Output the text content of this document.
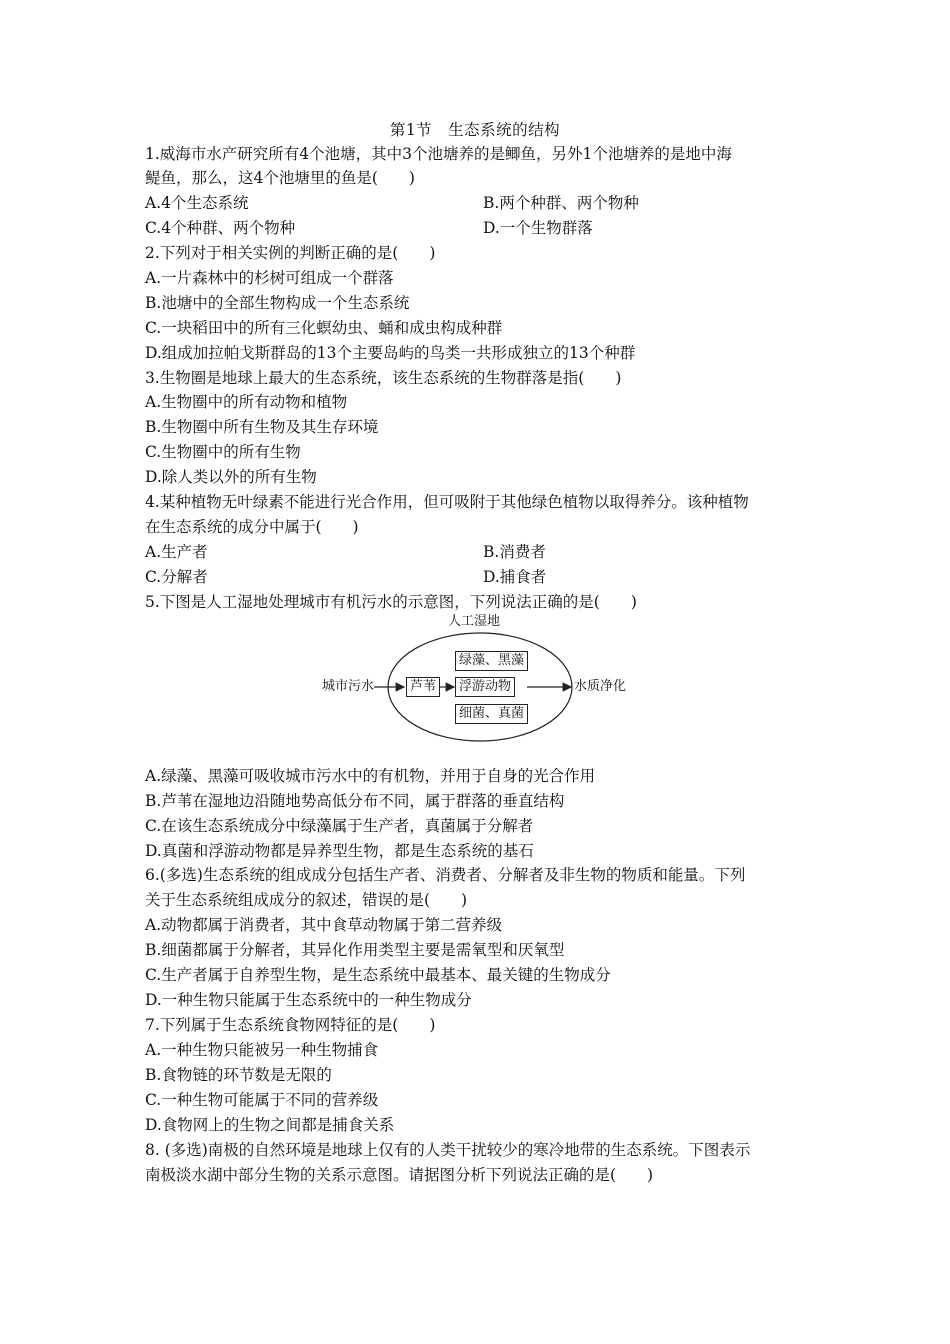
第1节　生态系统的结构
1.威海市水产研究所有4个池塘，其中3个池塘养的是鲫鱼，另外1个池塘养的是地中海
鳀鱼，那么，这4个池塘里的鱼是(　　)
A.4个生态系统	B.两个种群、两个物种
C.4个种群、两个物种	D.一个生物群落
2.下列对于相关实例的判断正确的是(　　)
A.一片森林中的杉树可组成一个群落
B.池塘中的全部生物构成一个生态系统
C.一块稻田中的所有三化螟幼虫、蛹和成虫构成种群
D.组成加拉帕戈斯群岛的13个主要岛屿的鸟类一共形成独立的13个种群
3.生物圈是地球上最大的生态系统，该生态系统的生物群落是指(　　)
A.生物圈中的所有动物和植物
B.生物圈中所有生物及其生存环境
C.生物圈中的所有生物
D.除人类以外的所有生物
4.某种植物无叶绿素不能进行光合作用，但可吸附于其他绿色植物以取得养分。该种植物
在生态系统的成分中属于(　　)
A.生产者	B.消费者
C.分解者	D.捕食者
5.下图是人工湿地处理城市有机污水的示意图，下列说法正确的是(　　)
人工湿地
城市污水	芦苇
绿藻、黑藻
浮游动物
细菌、真菌
水质净化
A.绿藻、黑藻可吸收城市污水中的有机物，并用于自身的光合作用
B.芦苇在湿地边沿随地势高低分布不同，属于群落的垂直结构
C.在该生态系统成分中绿藻属于生产者，真菌属于分解者
D.真菌和浮游动物都是异养型生物，都是生态系统的基石
6.(多选)生态系统的组成成分包括生产者、消费者、分解者及非生物的物质和能量。下列
关于生态系统组成成分的叙述，错误的是(　　)
A.动物都属于消费者，其中食草动物属于第二营养级
B.细菌都属于分解者，其异化作用类型主要是需氧型和厌氧型
C.生产者属于自养型生物，是生态系统中最基本、最关键的生物成分
D.一种生物只能属于生态系统中的一种生物成分
7.下列属于生态系统食物网特征的是(　　)
A.一种生物只能被另一种生物捕食
B.食物链的环节数是无限的
C.一种生物可能属于不同的营养级
D.食物网上的生物之间都是捕食关系
8. (多选)南极的自然环境是地球上仅有的人类干扰较少的寒冷地带的生态系统。下图表示
南极淡水湖中部分生物的关系示意图。请据图分析下列说法正确的是(　　)
